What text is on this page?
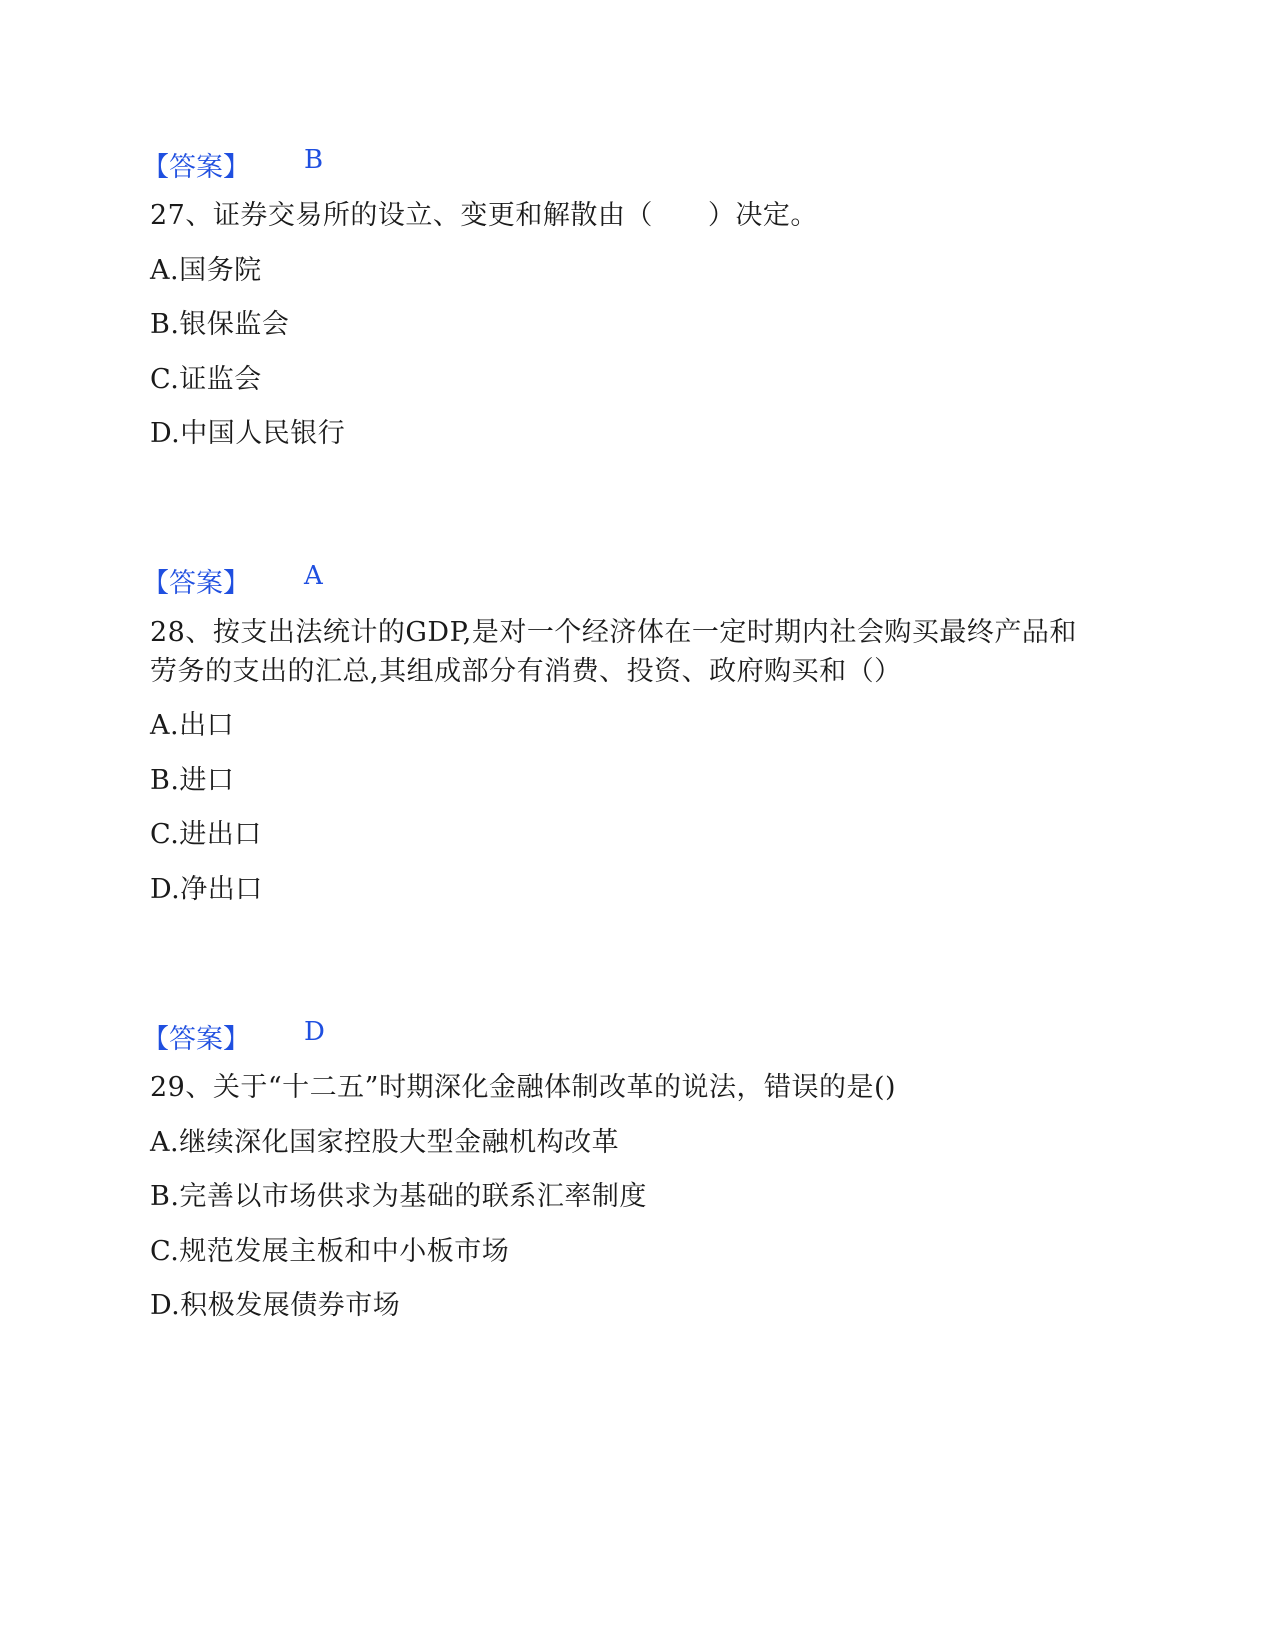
【答案】 B
27、证券交易所的设立、变更和解散由（　　）决定。
A.国务院
B.银保监会
C.证监会
D.中国人民银行
【答案】 A
28、按支出法统计的GDP,是对一个经济体在一定时期内社会购买最终产品和
劳务的支出的汇总,其组成部分有消费、投资、政府购买和（）
A.出口
B.进口
C.进出口
D.净出口
【答案】 D
29、关于“十二五”时期深化金融体制改革的说法，错误的是()
A.继续深化国家控股大型金融机构改革
B.完善以市场供求为基础的联系汇率制度
C.规范发展主板和中小板市场
D.积极发展债券市场
